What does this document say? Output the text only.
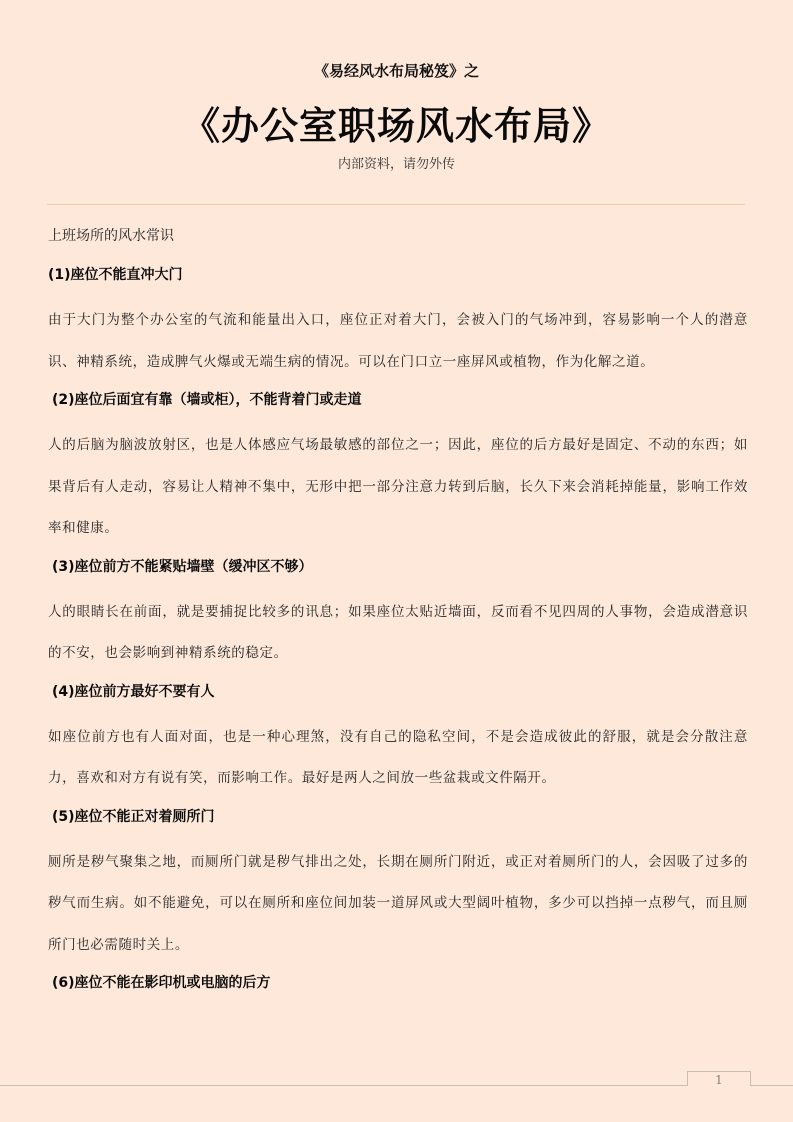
《易经风水布局秘笈》之
《办公室职场风水布局》
内部资料，请勿外传

上班场所的风水常识

(1)座位不能直冲大门

由于大门为整个办公室的气流和能量出入口，座位正对着大门，会被入门的气场冲到，容易影响一个人的潜意识、神精系统，造成脾气火爆或无端生病的情况。可以在门口立一座屏风或植物，作为化解之道。

(2)座位后面宜有靠（墙或柜），不能背着门或走道

人的后脑为脑波放射区，也是人体感应气场最敏感的部位之一；因此，座位的后方最好是固定、不动的东西；如果背后有人走动，容易让人精神不集中，无形中把一部分注意力转到后脑，长久下来会消耗掉能量，影响工作效率和健康。

(3)座位前方不能紧贴墙壁（缓冲区不够）

人的眼睛长在前面，就是要捕捉比较多的讯息；如果座位太贴近墙面，反而看不见四周的人事物，会造成潜意识的不安，也会影响到神精系统的稳定。

(4)座位前方最好不要有人

如座位前方也有人面对面，也是一种心理煞，没有自己的隐私空间，不是会造成彼此的舒服，就是会分散注意力，喜欢和对方有说有笑，而影响工作。最好是两人之间放一些盆栽或文件隔开。

(5)座位不能正对着厕所门

厕所是秽气聚集之地，而厕所门就是秽气排出之处，长期在厕所门附近，或正对着厕所门的人，会因吸了过多的秽气而生病。如不能避免，可以在厕所和座位间加装一道屏风或大型阔叶植物，多少可以挡掉一点秽气，而且厕所门也必需随时关上。

(6)座位不能在影印机或电脑的后方

1
